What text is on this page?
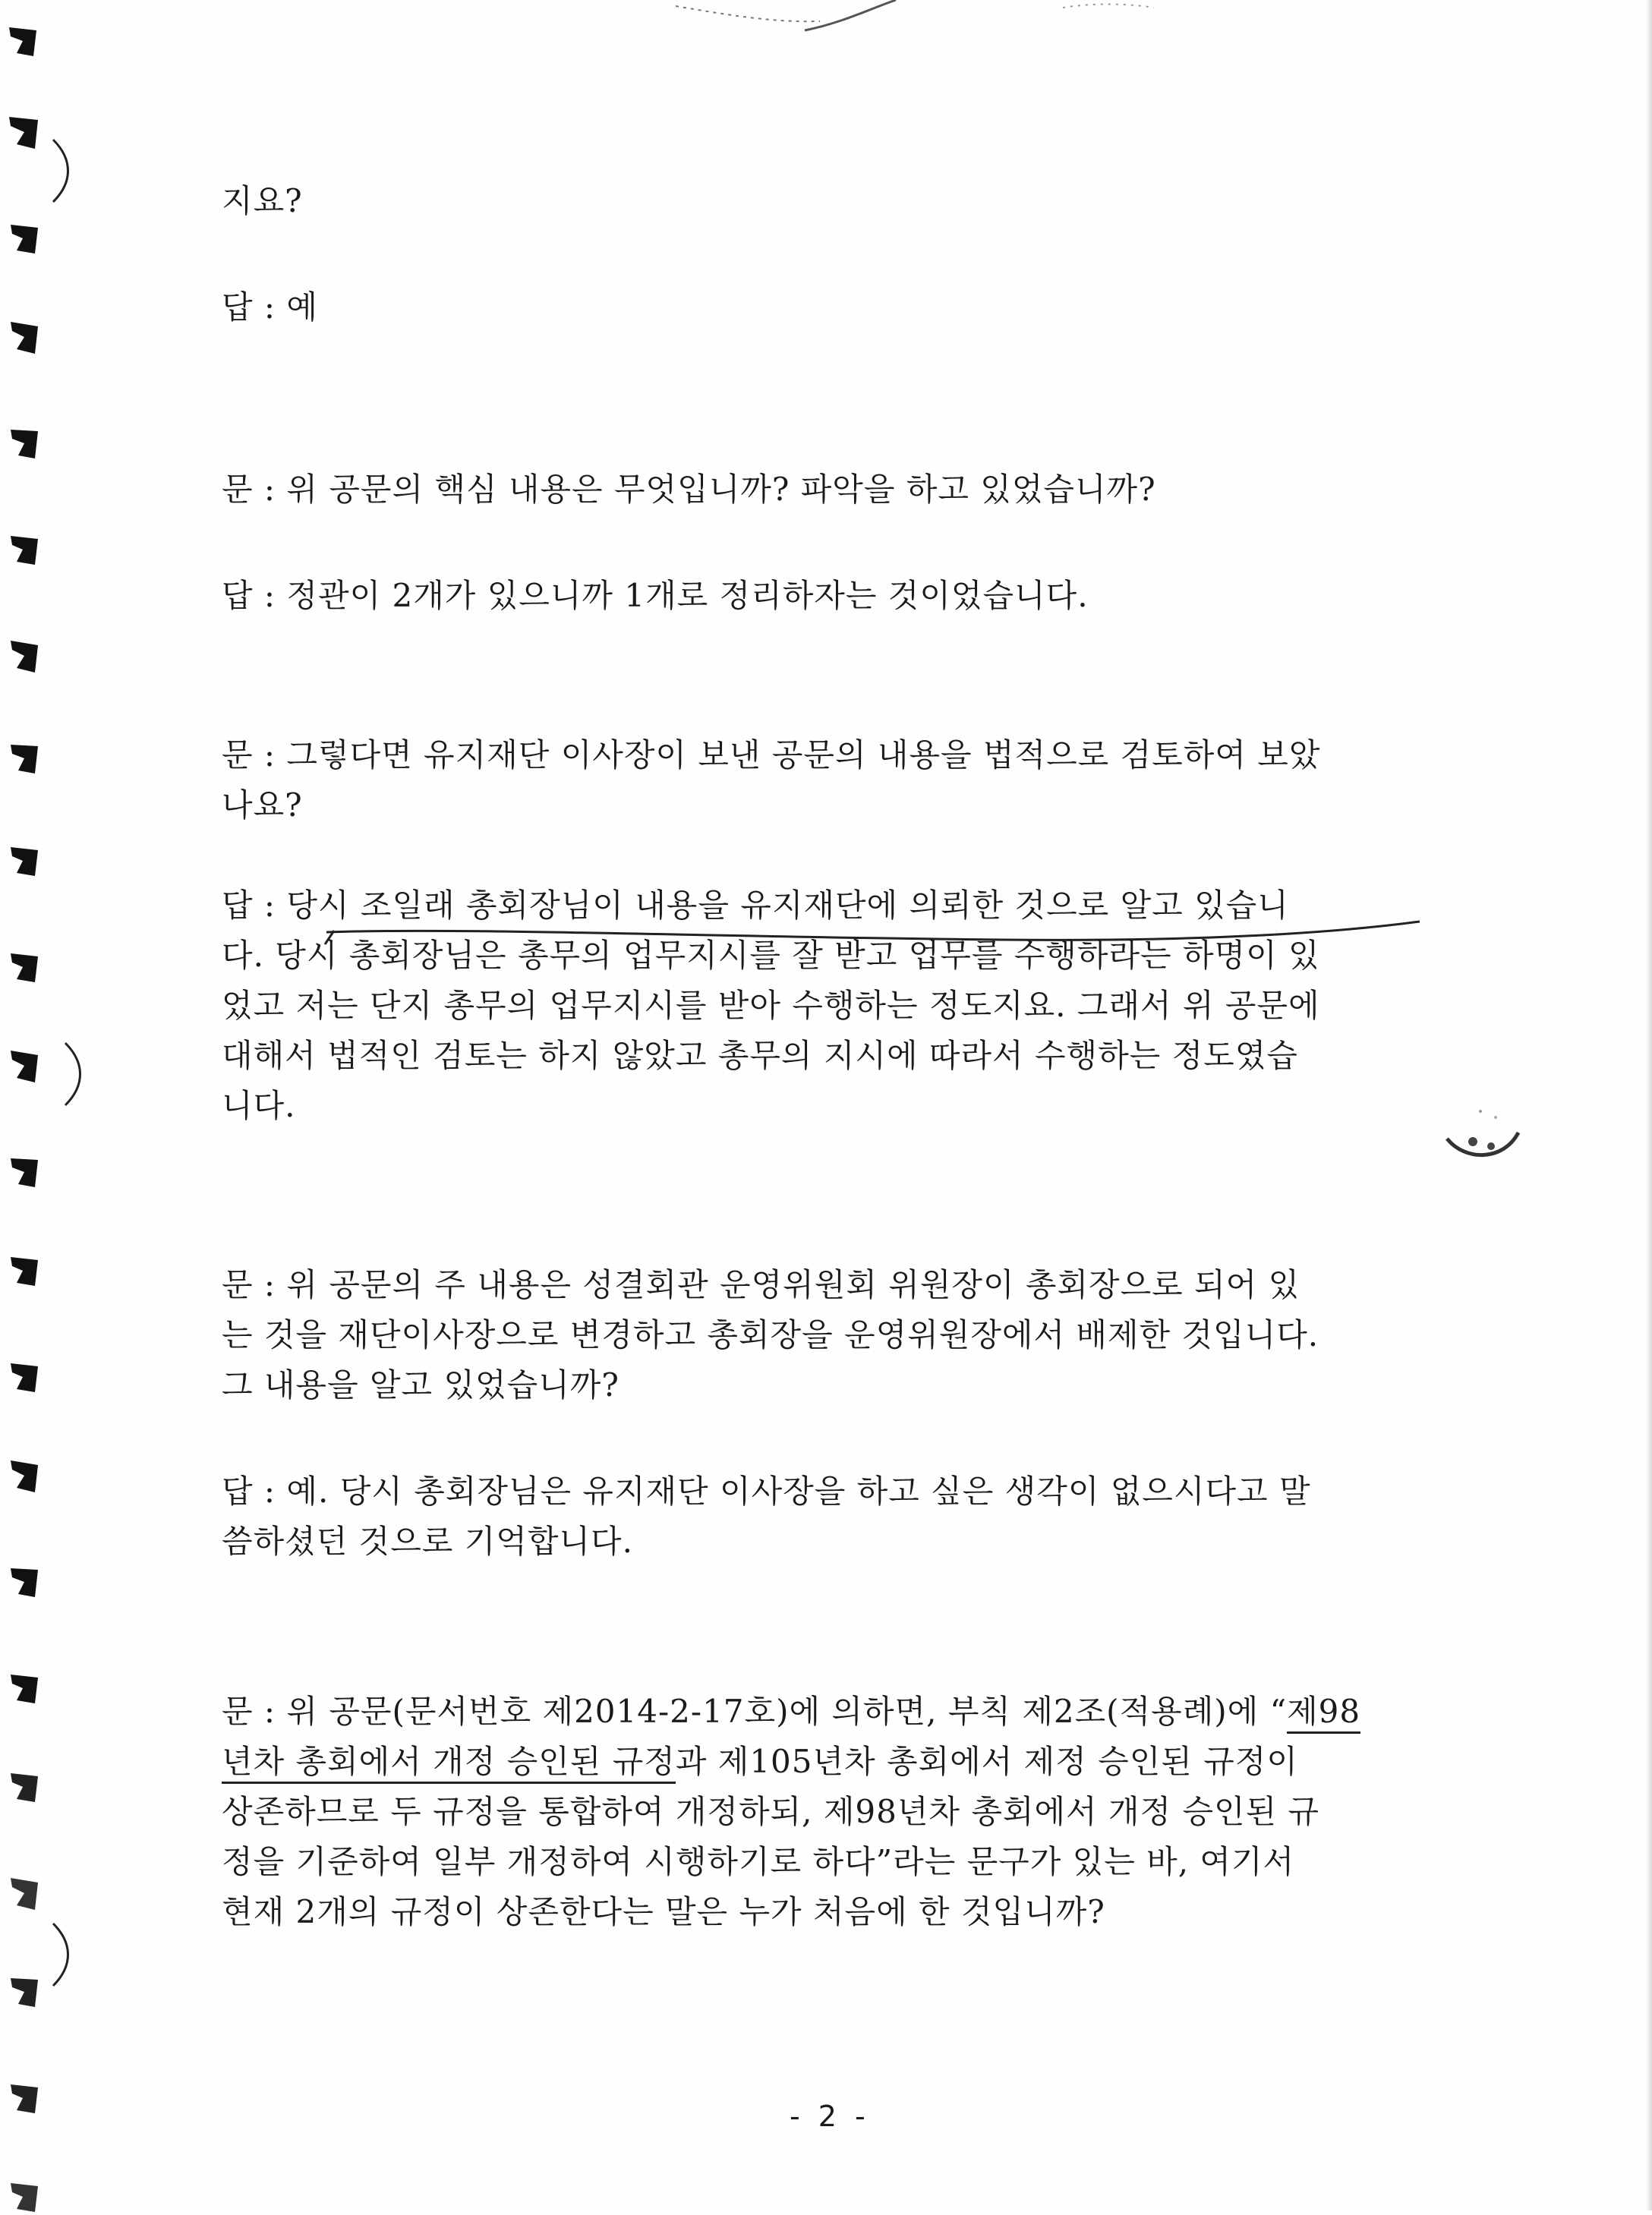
지요?
답 : 예
문 : 위 공문의 핵심 내용은 무엇입니까? 파악을 하고 있었습니까?
답 : 정관이 2개가 있으니까 1개로 정리하자는 것이었습니다.
문 : 그렇다면 유지재단 이사장이 보낸 공문의 내용을 법적으로 검토하여 보았
나요?
답 : 당시 조일래 총회장님이 내용을 유지재단에 의뢰한 것으로 알고 있습니
다. 당시 총회장님은 총무의 업무지시를 잘 받고 업무를 수행하라는 하명이 있
었고 저는 단지 총무의 업무지시를 받아 수행하는 정도지요. 그래서 위 공문에
대해서 법적인 검토는 하지 않았고 총무의 지시에 따라서 수행하는 정도였습
니다.
문 : 위 공문의 주 내용은 성결회관 운영위원회 위원장이 총회장으로 되어 있
는 것을 재단이사장으로 변경하고 총회장을 운영위원장에서 배제한 것입니다.
그 내용을 알고 있었습니까?
답 : 예. 당시 총회장님은 유지재단 이사장을 하고 싶은 생각이 없으시다고 말
씀하셨던 것으로 기억합니다.
문 : 위 공문(문서번호 제2014-2-17호)에 의하면, 부칙 제2조(적용례)에 “제98
년차 총회에서 개정 승인된 규정과 제105년차 총회에서 제정 승인된 규정이
상존하므로 두 규정을 통합하여 개정하되, 제98년차 총회에서 개정 승인된 규
정을 기준하여 일부 개정하여 시행하기로 하다”라는 문구가 있는 바, 여기서
현재 2개의 규정이 상존한다는 말은 누가 처음에 한 것입니까?
- 2 -
